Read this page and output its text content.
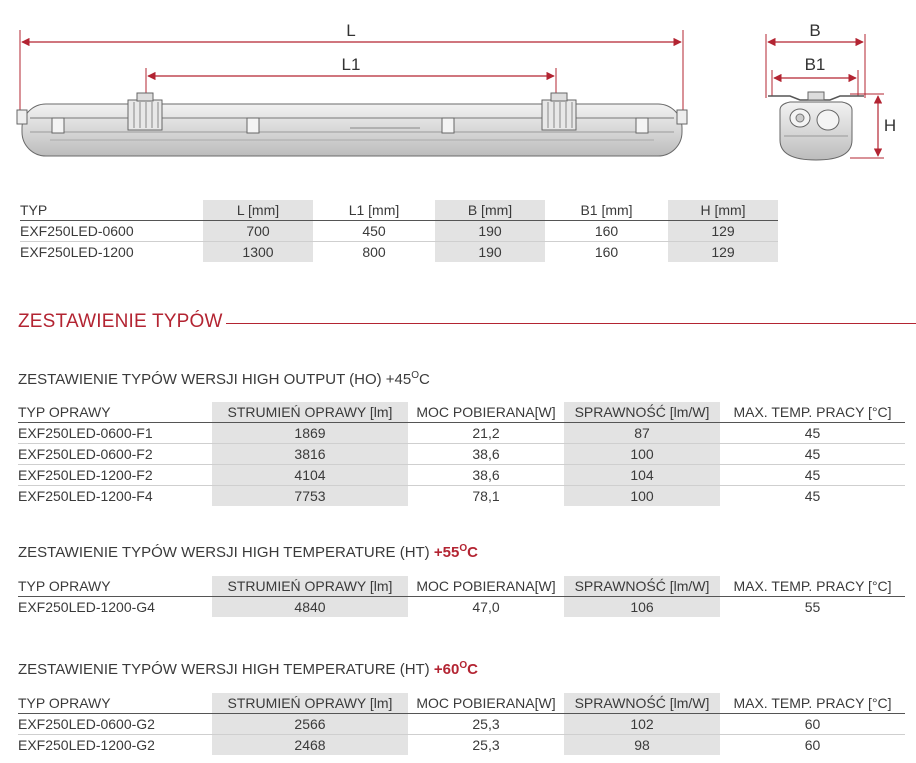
L
L1
B
B1
H
TYP	L [mm]	L1 [mm]	B [mm]	B1 [mm]	H [mm]
EXF250LED-0600	700	450	190	160	129
EXF250LED-1200	1300	800	190	160	129
ZESTAWIENIE TYPÓW
ZESTAWIENIE TYPÓW WERSJI HIGH OUTPUT $(HO) +45^OC$
TYP OPRAWY	STRUMIEŃ OPRAWY [lm]	MOC POBIERANA[W]	SPRAWNOŚĆ [lm/W]	MAX. TEMP. PRACY [°C]
EXF250LED-0600-F1	1869	21,2	87	45
EXF250LED-0600-F2	3816	38,6	100	45
EXF250LED-1200-F2	4104	38,6	104	45
EXF250LED-1200-F4	7753	78,1	100	45
ZESTAWIENIE TYPÓW WERSJI HIGH TEMPERATURE $(HT) +55^OC$
TYP OPRAWY	STRUMIEŃ OPRAWY [lm]	MOC POBIERANA[W]	SPRAWNOŚĆ [lm/W]	MAX. TEMP. PRACY [°C]
EXF250LED-1200-G4	4840	47,0	106	55
ZESTAWIENIE TYPÓW WERSJI HIGH TEMPERATURE $(HT) +60^OC$
TYP OPRAWY	STRUMIEŃ OPRAWY [lm]	MOC POBIERANA[W]	SPRAWNOŚĆ [lm/W]	MAX. TEMP. PRACY [°C]
EXF250LED-0600-G2	2566	25,3	102	60
EXF250LED-1200-G2	2468	25,3	98	60
